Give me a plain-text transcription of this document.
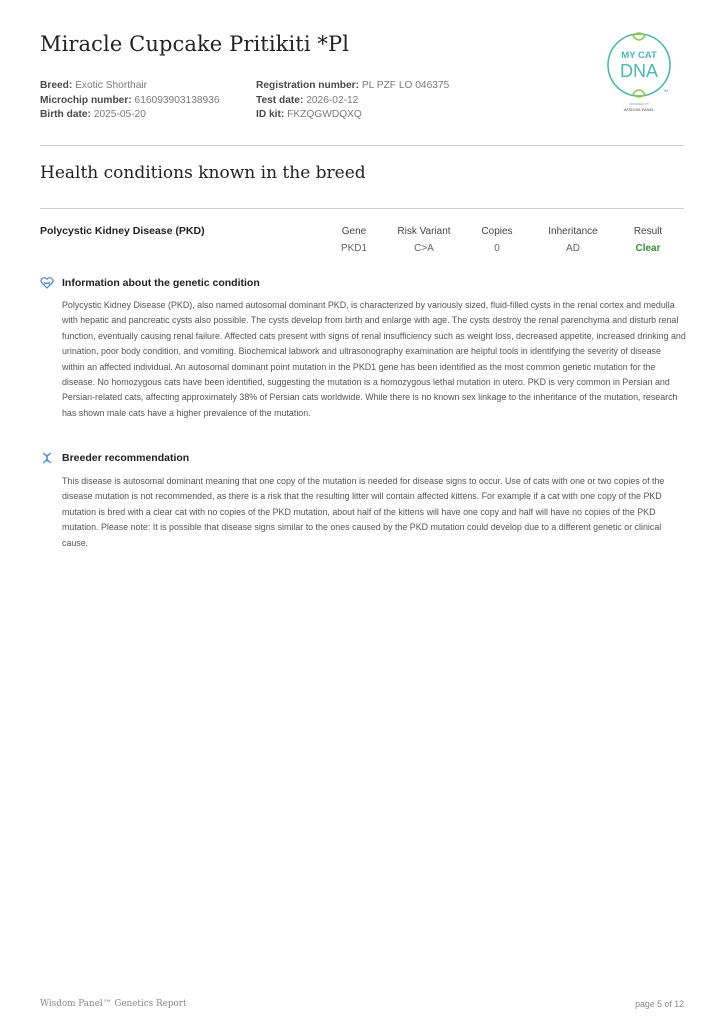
Miracle Cupcake Pritikiti *Pl
Breed: Exotic Shorthair
Microchip number: 616093903138936
Birth date: 2025-05-20
Registration number: PL PZF LO 046375
Test date: 2026-02-12
ID kit: FKZQGWDQXQ
MY CAT
DNA
TM
POWERED BY
WISDOM PANEL
Health conditions known in the breed
Polycystic Kidney Disease (PKD)	Gene
PKD1
Risk Variant
C>A
Copies
0
Inheritance
AD
Result
Clear
Information about the genetic condition

Polycystic Kidney Disease (PKD), also named autosomal dominant PKD, is characterized by variously sized, fluid-filled cysts in the renal cortex and medulla with hepatic and pancreatic cysts also possible. The cysts develop from birth and enlarge with age. The cysts destroy the renal parenchyma and disturb renal function, eventually causing renal failure. Affected cats present with signs of renal insufficiency such as weight loss, decreased appetite, increased drinking and urination, poor body condition, and vomiting. Biochemical labwork and ultrasonography examination are helpful tools in identifying the severity of disease within an affected individual. An autosomal dominant point mutation in the PKD1 gene has been identified as the most common genetic mutation for the disease. No homozygous cats have been identified, suggesting the mutation is a homozygous lethal mutation in utero. PKD is very common in Persian and Persian-related cats, affecting approximately 38% of Persian cats worldwide. While there is no known sex linkage to the inheritance of the mutation, research has shown male cats have a higher prevalence of the mutation.

Breeder recommendation

This disease is autosomal dominant meaning that one copy of the mutation is needed for disease signs to occur. Use of cats with one or two copies of the disease mutation is not recommended, as there is a risk that the resulting litter will contain affected kittens. For example if a cat with one copy of the PKD mutation is bred with a clear cat with no copies of the PKD mutation, about half of the kittens will have one copy and half will have no copies of the PKD mutation. Please note: It is possible that disease signs similar to the ones caused by the PKD mutation could develop due to a different genetic or clinical cause.

Wisdom Panel™ Genetics Report	page 5 of 12
